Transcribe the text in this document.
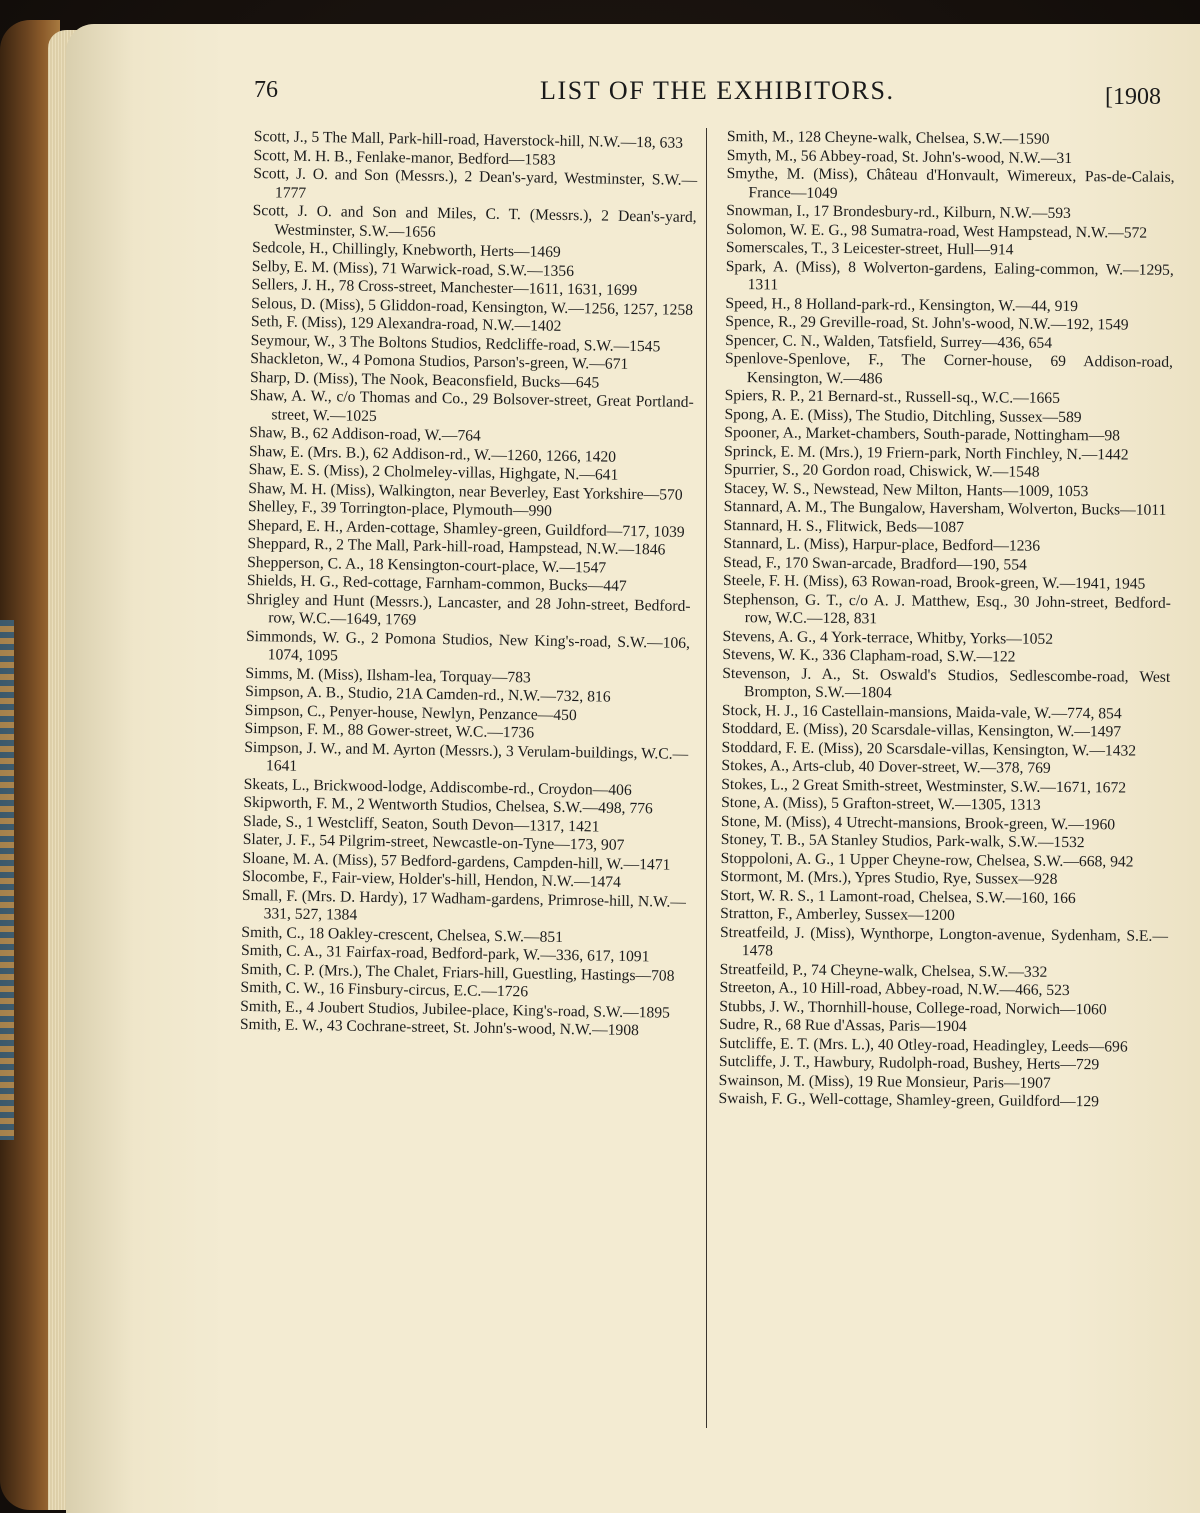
76	LIST OF THE EXHIBITORS.	[1908
Scott, J., 5 The Mall, Park-hill-road, Haverstock-hill, N.W.—18, 633
Scott, M. H. B., Fenlake-manor, Bedford—1583
Scott, J. O. and Son (Messrs.), 2 Dean's-yard, Westminster, S.W.—1777
Scott, J. O. and Son and Miles, C. T. (Messrs.), 2 Dean's-yard, Westminster, S.W.—1656
Sedcole, H., Chillingly, Knebworth, Herts—1469
Selby, E. M. (Miss), 71 Warwick-road, S.W.—1356
Sellers, J. H., 78 Cross-street, Manchester—1611, 1631, 1699
Selous, D. (Miss), 5 Gliddon-road, Kensington, W.—1256, 1257, 1258
Seth, F. (Miss), 129 Alexandra-road, N.W.—1402
Seymour, W., 3 The Boltons Studios, Redcliffe-road, S.W.—1545
Shackleton, W., 4 Pomona Studios, Parson's-green, W.—671
Sharp, D. (Miss), The Nook, Beaconsfield, Bucks—645
Shaw, A. W., c/o Thomas and Co., 29 Bolsover-street, Great Portland-street, W.—1025
Shaw, B., 62 Addison-road, W.—764
Shaw, E. (Mrs. B.), 62 Addison-rd., W.—1260, 1266, 1420
Shaw, E. S. (Miss), 2 Cholmeley-villas, Highgate, N.—641
Shaw, M. H. (Miss), Walkington, near Beverley, East Yorkshire—570
Shelley, F., 39 Torrington-place, Plymouth—990
Shepard, E. H., Arden-cottage, Shamley-green, Guildford—717, 1039
Sheppard, R., 2 The Mall, Park-hill-road, Hampstead, N.W.—1846
Shepperson, C. A., 18 Kensington-court-place, W.—1547
Shields, H. G., Red-cottage, Farnham-common, Bucks—447
Shrigley and Hunt (Messrs.), Lancaster, and 28 John-street, Bedford-row, W.C.—1649, 1769
Simmonds, W. G., 2 Pomona Studios, New King's-road, S.W.—106, 1074, 1095
Simms, M. (Miss), Ilsham-lea, Torquay—783
Simpson, A. B., Studio, 21A Camden-rd., N.W.—732, 816
Simpson, C., Penyer-house, Newlyn, Penzance—450
Simpson, F. M., 88 Gower-street, W.C.—1736
Simpson, J. W., and M. Ayrton (Messrs.), 3 Verulam-buildings, W.C.—1641
Skeats, L., Brickwood-lodge, Addiscombe-rd., Croydon—406
Skipworth, F. M., 2 Wentworth Studios, Chelsea, S.W.—498, 776
Slade, S., 1 Westcliff, Seaton, South Devon—1317, 1421
Slater, J. F., 54 Pilgrim-street, Newcastle-on-Tyne—173, 907
Sloane, M. A. (Miss), 57 Bedford-gardens, Campden-hill, W.—1471
Slocombe, F., Fair-view, Holder's-hill, Hendon, N.W.—1474
Small, F. (Mrs. D. Hardy), 17 Wadham-gardens, Primrose-hill, N.W.—331, 527, 1384
Smith, C., 18 Oakley-crescent, Chelsea, S.W.—851
Smith, C. A., 31 Fairfax-road, Bedford-park, W.—336, 617, 1091
Smith, C. P. (Mrs.), The Chalet, Friars-hill, Guestling, Hastings—708
Smith, C. W., 16 Finsbury-circus, E.C.—1726
Smith, E., 4 Joubert Studios, Jubilee-place, King's-road, S.W.—1895
Smith, E. W., 43 Cochrane-street, St. John's-wood, N.W.—1908
Smith, M., 128 Cheyne-walk, Chelsea, S.W.—1590
Smyth, M., 56 Abbey-road, St. John's-wood, N.W.—31
Smythe, M. (Miss), Château d'Honvault, Wimereux, Pas-de-Calais, France—1049
Snowman, I., 17 Brondesbury-rd., Kilburn, N.W.—593
Solomon, W. E. G., 98 Sumatra-road, West Hampstead, N.W.—572
Somerscales, T., 3 Leicester-street, Hull—914
Spark, A. (Miss), 8 Wolverton-gardens, Ealing-common, W.—1295, 1311
Speed, H., 8 Holland-park-rd., Kensington, W.—44, 919
Spence, R., 29 Greville-road, St. John's-wood, N.W.—192, 1549
Spencer, C. N., Walden, Tatsfield, Surrey—436, 654
Spenlove-Spenlove, F., The Corner-house, 69 Addison-road, Kensington, W.—486
Spiers, R. P., 21 Bernard-st., Russell-sq., W.C.—1665
Spong, A. E. (Miss), The Studio, Ditchling, Sussex—589
Spooner, A., Market-chambers, South-parade, Nottingham—98
Sprinck, E. M. (Mrs.), 19 Friern-park, North Finchley, N.—1442
Spurrier, S., 20 Gordon road, Chiswick, W.—1548
Stacey, W. S., Newstead, New Milton, Hants—1009, 1053
Stannard, A. M., The Bungalow, Haversham, Wolverton, Bucks—1011
Stannard, H. S., Flitwick, Beds—1087
Stannard, L. (Miss), Harpur-place, Bedford—1236
Stead, F., 170 Swan-arcade, Bradford—190, 554
Steele, F. H. (Miss), 63 Rowan-road, Brook-green, W.—1941, 1945
Stephenson, G. T., c/o A. J. Matthew, Esq., 30 John-street, Bedford-row, W.C.—128, 831
Stevens, A. G., 4 York-terrace, Whitby, Yorks—1052
Stevens, W. K., 336 Clapham-road, S.W.—122
Stevenson, J. A., St. Oswald's Studios, Sedlescombe-road, West Brompton, S.W.—1804
Stock, H. J., 16 Castellain-mansions, Maida-vale, W.—774, 854
Stoddard, E. (Miss), 20 Scarsdale-villas, Kensington, W.—1497
Stoddard, F. E. (Miss), 20 Scarsdale-villas, Kensington, W.—1432
Stokes, A., Arts-club, 40 Dover-street, W.—378, 769
Stokes, L., 2 Great Smith-street, Westminster, S.W.—1671, 1672
Stone, A. (Miss), 5 Grafton-street, W.—1305, 1313
Stone, M. (Miss), 4 Utrecht-mansions, Brook-green, W.—1960
Stoney, T. B., 5A Stanley Studios, Park-walk, S.W.—1532
Stoppoloni, A. G., 1 Upper Cheyne-row, Chelsea, S.W.—668, 942
Stormont, M. (Mrs.), Ypres Studio, Rye, Sussex—928
Stort, W. R. S., 1 Lamont-road, Chelsea, S.W.—160, 166
Stratton, F., Amberley, Sussex—1200
Streatfeild, J. (Miss), Wynthorpe, Longton-avenue, Sydenham, S.E.—1478
Streatfeild, P., 74 Cheyne-walk, Chelsea, S.W.—332
Streeton, A., 10 Hill-road, Abbey-road, N.W.—466, 523
Stubbs, J. W., Thornhill-house, College-road, Norwich—1060
Sudre, R., 68 Rue d'Assas, Paris—1904
Sutcliffe, E. T. (Mrs. L.), 40 Otley-road, Headingley, Leeds—696
Sutcliffe, J. T., Hawbury, Rudolph-road, Bushey, Herts—729
Swainson, M. (Miss), 19 Rue Monsieur, Paris—1907
Swaish, F. G., Well-cottage, Shamley-green, Guildford—129
